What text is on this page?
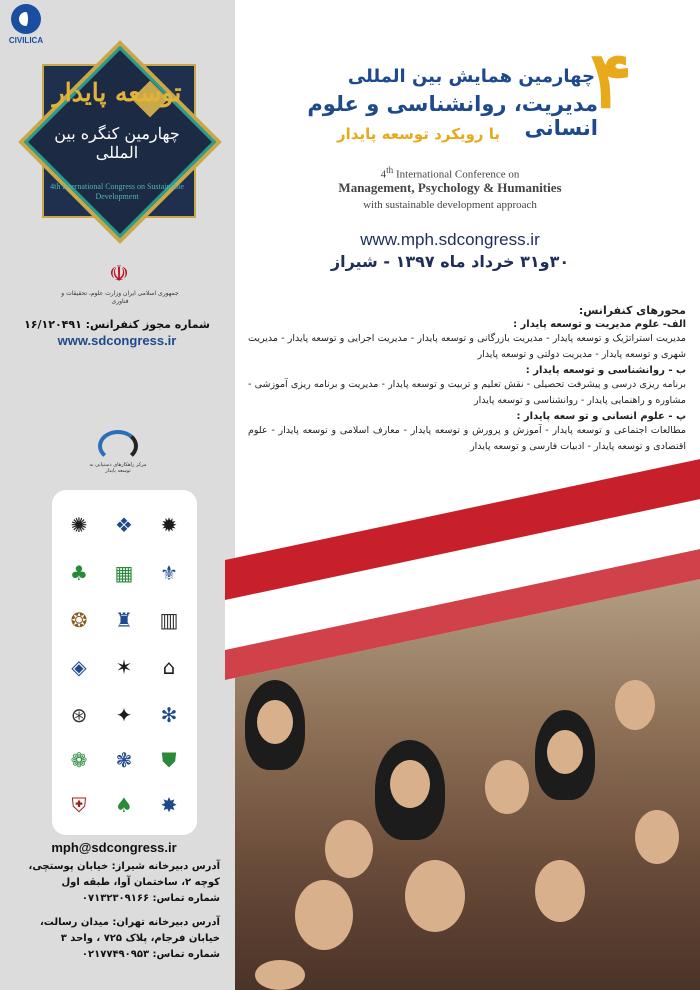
CIVILICA
توسعه پایدار
چهارمین کنگره بین المللی
4th International Congress on Sustainable Development
☫
جمهوری اسلامی ایران وزارت علوم، تحقیقات و فناوری
شماره مجوز کنفرانس: ۱۶/۱۲۰۴۹۱
www.sdcongress.ir
مرکز راهکارهای دستیابی به توسعه پایدار
✺	❖	✹
♣	▦	⚜
❂	♜	▥
◈	✶	⌂
⊛	✦	✻
❁	❃	⛊
⛨	♠	✸
mph@sdcongress.ir

آدرس دبیرخانه شیراز: خیابان پوستچی،

کوچه ۲، ساختمان آوا، طبقه اول

شماره تماس: ۰۷۱۳۲۳۰۹۱۶۶

آدرس دبیرخانه تهران: میدان رسالت،

خیابان فرجام، پلاک ۷۲۵ ، واحد ۳

شماره تماس: ۰۲۱۷۷۴۹۰۹۵۳

۴
چهارمین همایش بین المللی
مدیریت، روانشناسی و علوم انسانی
با رویکرد توسعه پایدار
4th International Conference on
Management, Psychology & Humanities
with sustainable development approach
www.mph.sdcongress.ir
۳۰و۳۱ خرداد ماه ۱۳۹۷ - شیراز
محورهای کنفرانس:
الف- علوم مدیریت و توسعه پایدار :

مدیریت استراتژیک و توسعه پایدار - مدیریت بازرگانی و توسعه پایدار - مدیریت اجرایی و توسعه پایدار - مدیریت شهری و توسعه پایدار - مدیریت دولتی و توسعه پایدار

ب - روانشناسی و توسعه پایدار :

برنامه ریزی درسی و پیشرفت تحصیلی - نقش تعلیم و تربیت و توسعه پایدار - مدیریت و برنامه ریزی آموزشی - مشاوره و راهنمایی پایدار - روانشناسی و توسعه پایدار

پ - علوم انسانی و تو سعه پایدار :

مطالعات اجتماعی و توسعه پایدار - آموزش و پرورش و توسعه پایدار - معارف اسلامی و توسعه پایدار - علوم اقتصادی و توسعه پایدار - ادبیات فارسی و توسعه پایدار
